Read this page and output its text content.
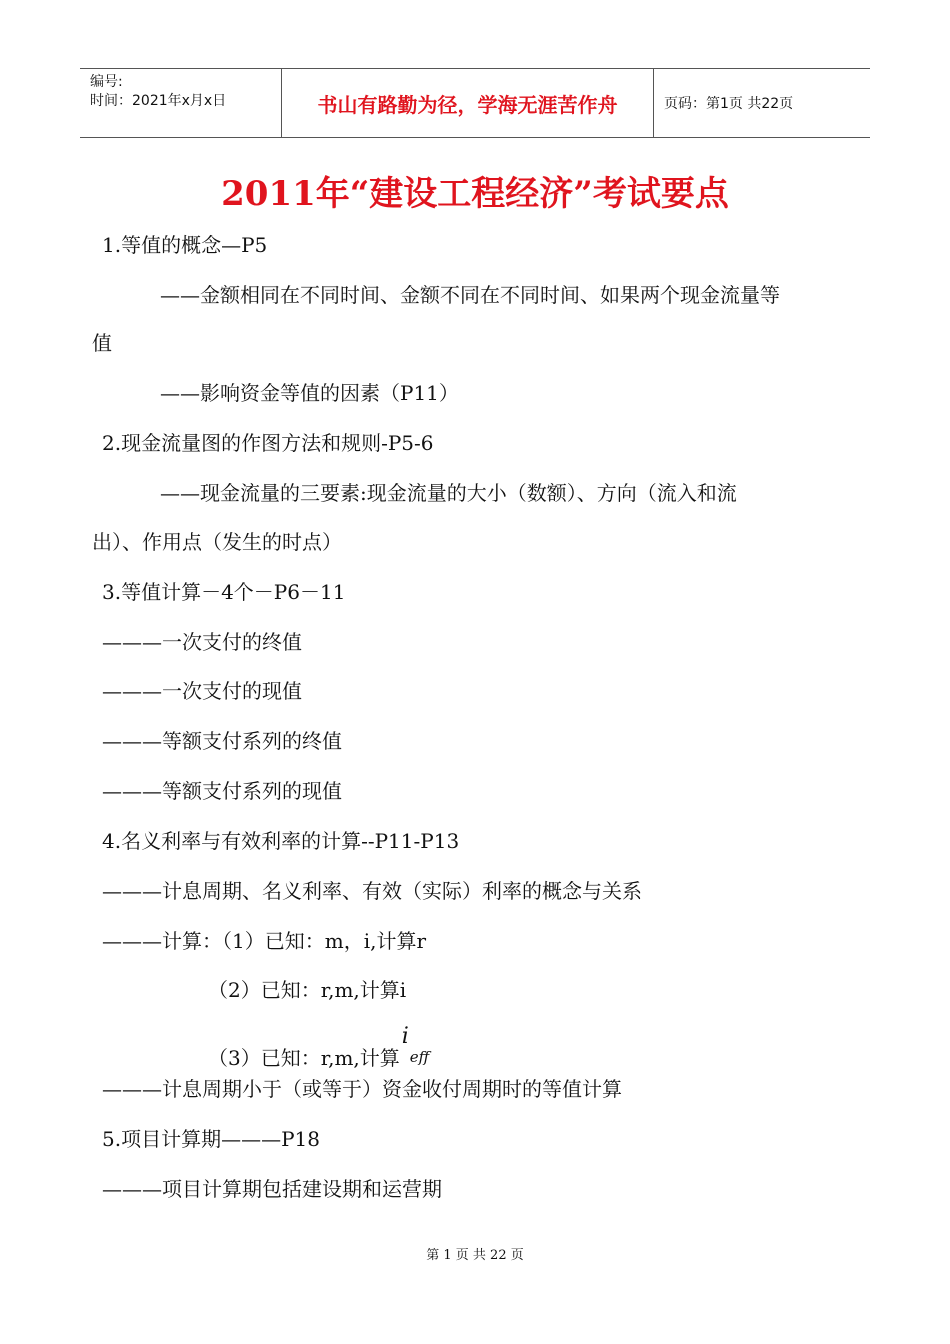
编号:
时间：2021年x月x日	书山有路勤为径，学海无涯苦作舟	页码：第1页 共22页
2011年“建设工程经济”考试要点
1.等值的概念—P5
——金额相同在不同时间、金额不同在不同时间、如果两个现金流量等
值
——影响资金等值的因素（P11）
2.现金流量图的作图方法和规则-P5-6
——现金流量的三要素:现金流量的大小（数额）、方向（流入和流
出）、作用点（发生的时点）
3.等值计算－4个－P6－11
———一次支付的终值
———一次支付的现值
———等额支付系列的终值
———等额支付系列的现值
4.名义利率与有效利率的计算--P11-P13
———计息周期、名义利率、有效（实际）利率的概念与关系
———计算：（1）已知：m，i,计算r
（2）已知：r,m,计算i
（3）已知：r,m,计算
i
eff
———计息周期小于（或等于）资金收付周期时的等值计算
5.项目计算期———P18
———项目计算期包括建设期和运营期
第 1 页 共 22 页
